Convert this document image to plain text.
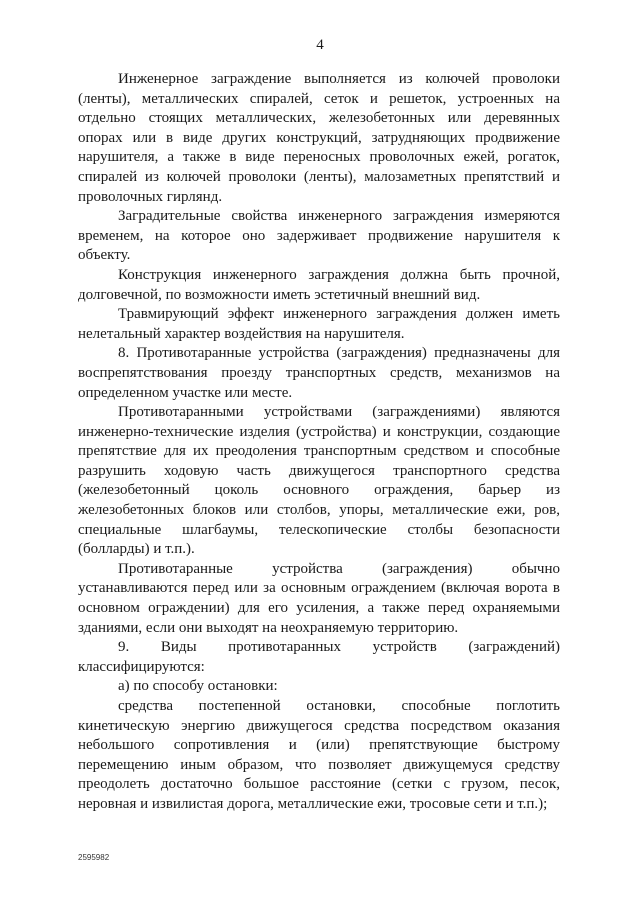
4

Инженерное заграждение выполняется из колючей проволоки (ленты), металлических спиралей, сеток и решеток, устроенных на отдельно стоящих металлических, железобетонных или деревянных опорах или в виде других конструкций, затрудняющих продвижение нарушителя, а также в виде переносных проволочных ежей, рогаток, спиралей из колючей проволоки (ленты), малозаметных препятствий и проволочных гирлянд.

Заградительные свойства инженерного заграждения измеряются временем, на которое оно задерживает продвижение нарушителя к объекту.

Конструкция инженерного заграждения должна быть прочной, долговечной, по возможности иметь эстетичный внешний вид.

Травмирующий эффект инженерного заграждения должен иметь нелетальный характер воздействия на нарушителя.

8. Противотаранные устройства (заграждения) предназначены для воспрепятствования проезду транспортных средств, механизмов на определенном участке или месте.

Противотаранными устройствами (заграждениями) являются инженерно-технические изделия (устройства) и конструкции, создающие препятствие для их преодоления транспортным средством и способные разрушить ходовую часть движущегося транспортного средства (железобетонный цоколь основного ограждения, барьер из железобетонных блоков или столбов, упоры, металлические ежи, ров, специальные шлагбаумы, телескопические столбы безопасности (болларды) и т.п.).

Противотаранные устройства (заграждения) обычно устанавливаются перед или за основным ограждением (включая ворота в основном ограждении) для его усиления, а также перед охраняемыми зданиями, если они выходят на неохраняемую территорию.

9. Виды противотаранных устройств (заграждений) классифицируются:

а) по способу остановки:

средства постепенной остановки, способные поглотить кинетическую энергию движущегося средства посредством оказания небольшого сопротивления и (или) препятствующие быстрому перемещению иным образом, что позволяет движущемуся средству преодолеть достаточно большое расстояние (сетки с грузом, песок, неровная и извилистая дорога, металлические ежи, тросовые сети и т.п.);

2595982
